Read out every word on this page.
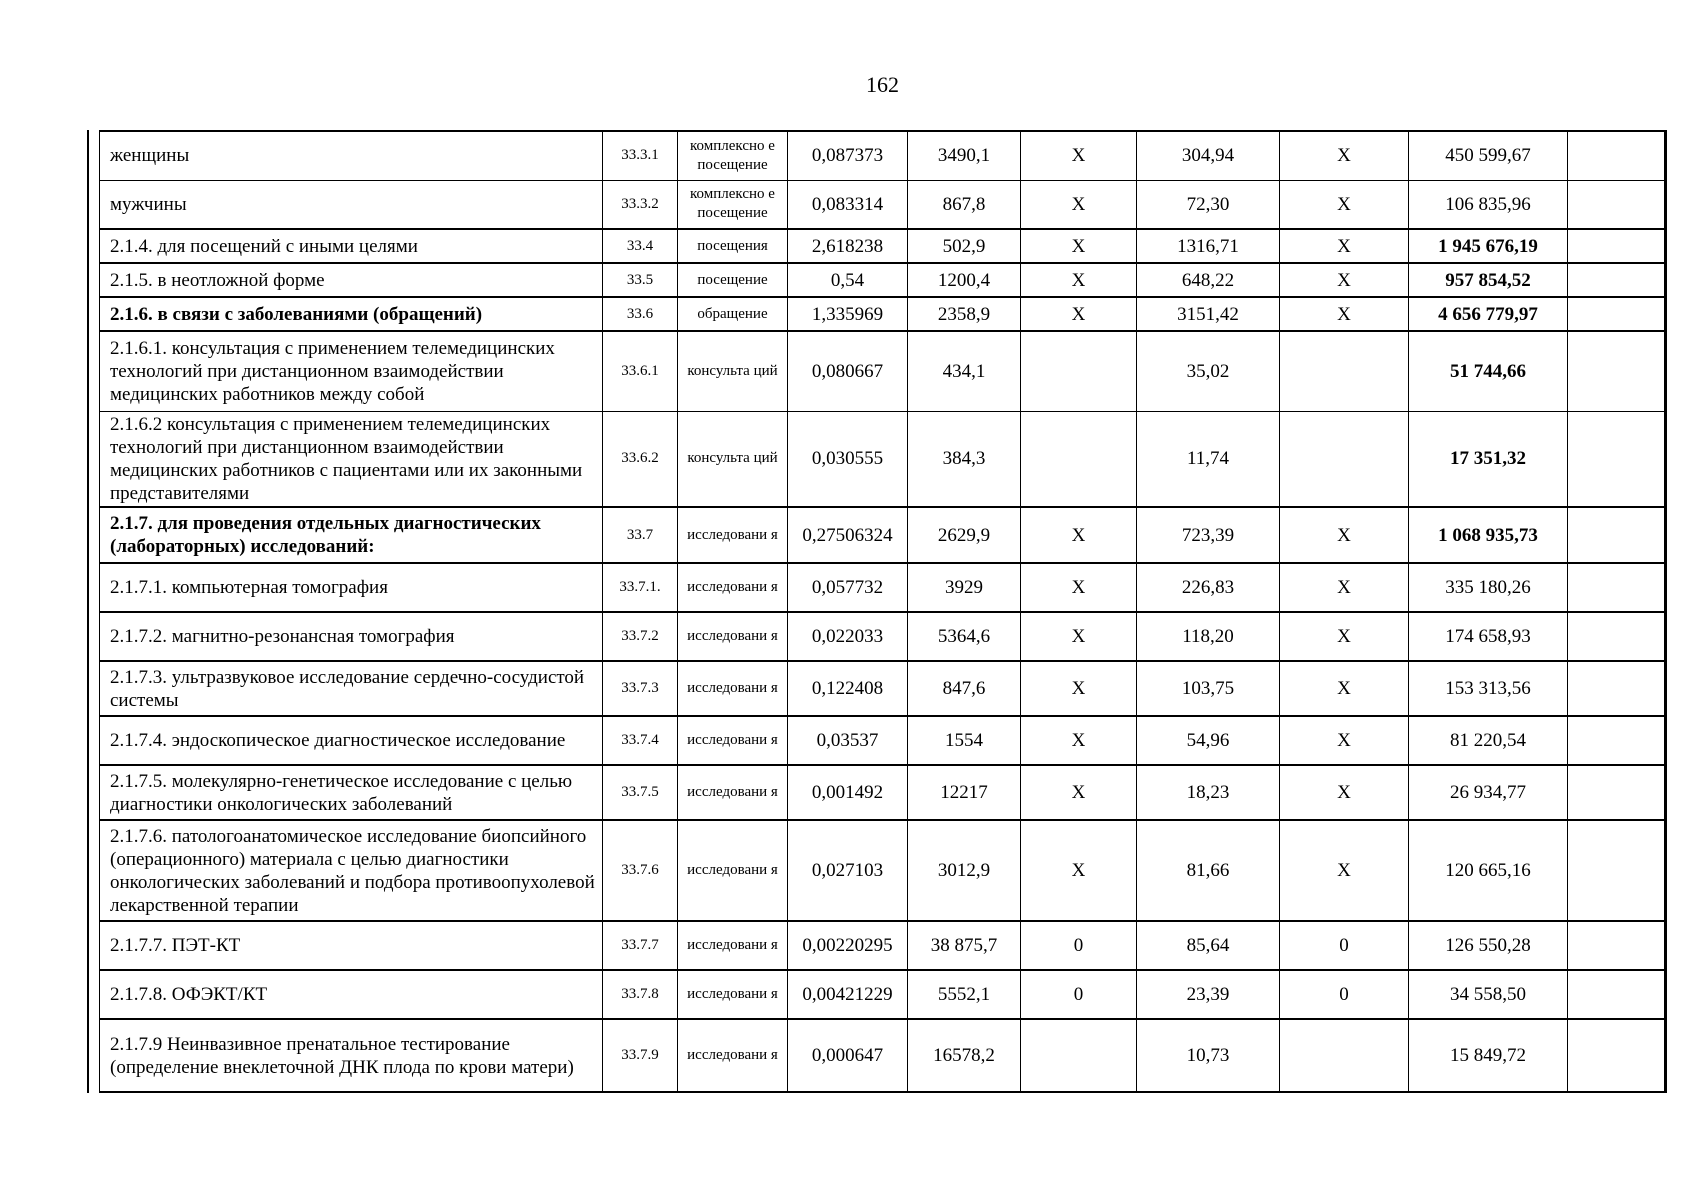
162
женщины	33.3.1	комплексно е посещение	0,087373	3490,1	X	304,94	X	450 599,67	
мужчины	33.3.2	комплексно е посещение	0,083314	867,8	X	72,30	X	106 835,96	
2.1.4. для посещений с иными целями	33.4	посещения	2,618238	502,9	X	1316,71	X	1 945 676,19	
2.1.5. в неотложной форме	33.5	посещение	0,54	1200,4	X	648,22	X	957 854,52	
2.1.6. в связи с заболеваниями (обращений)	33.6	обращение	1,335969	2358,9	X	3151,42	X	4 656 779,97	
2.1.6.1. консультация с применением телемедицинских технологий при дистанционном взаимодействии медицинских работников между собой	33.6.1	консульта ций	0,080667	434,1		35,02		51 744,66	
2.1.6.2 консультация с применением телемедицинских технологий при дистанционном взаимодействии медицинских работников с пациентами или их законными представителями	33.6.2	консульта ций	0,030555	384,3		11,74		17 351,32	
2.1.7. для проведения отдельных диагностических (лабораторных) исследований:	33.7	исследовани я	0,27506324	2629,9	X	723,39	X	1 068 935,73	
2.1.7.1. компьютерная томография	33.7.1.	исследовани я	0,057732	3929	X	226,83	X	335 180,26	
2.1.7.2. магнитно-резонансная томография	33.7.2	исследовани я	0,022033	5364,6	X	118,20	X	174 658,93	
2.1.7.3. ультразвуковое исследование сердечно-сосудистой системы	33.7.3	исследовани я	0,122408	847,6	X	103,75	X	153 313,56	
2.1.7.4. эндоскопическое диагностическое исследование	33.7.4	исследовани я	0,03537	1554	X	54,96	X	81 220,54	
2.1.7.5. молекулярно-генетическое исследование с целью диагностики онкологических заболеваний	33.7.5	исследовани я	0,001492	12217	X	18,23	X	26 934,77	
2.1.7.6. патологоанатомическое исследование биопсийного (операционного) материала с целью диагностики онкологических заболеваний и подбора противоопухолевой лекарственной терапии	33.7.6	исследовани я	0,027103	3012,9	X	81,66	X	120 665,16	
2.1.7.7. ПЭТ-КТ	33.7.7	исследовани я	0,00220295	38 875,7	0	85,64	0	126 550,28	
2.1.7.8. ОФЭКТ/КТ	33.7.8	исследовани я	0,00421229	5552,1	0	23,39	0	34 558,50	
2.1.7.9 Неинвазивное пренатальное тестирование (определение внеклеточной ДНК плода по крови матери)	33.7.9	исследовани я	0,000647	16578,2		10,73		15 849,72	
